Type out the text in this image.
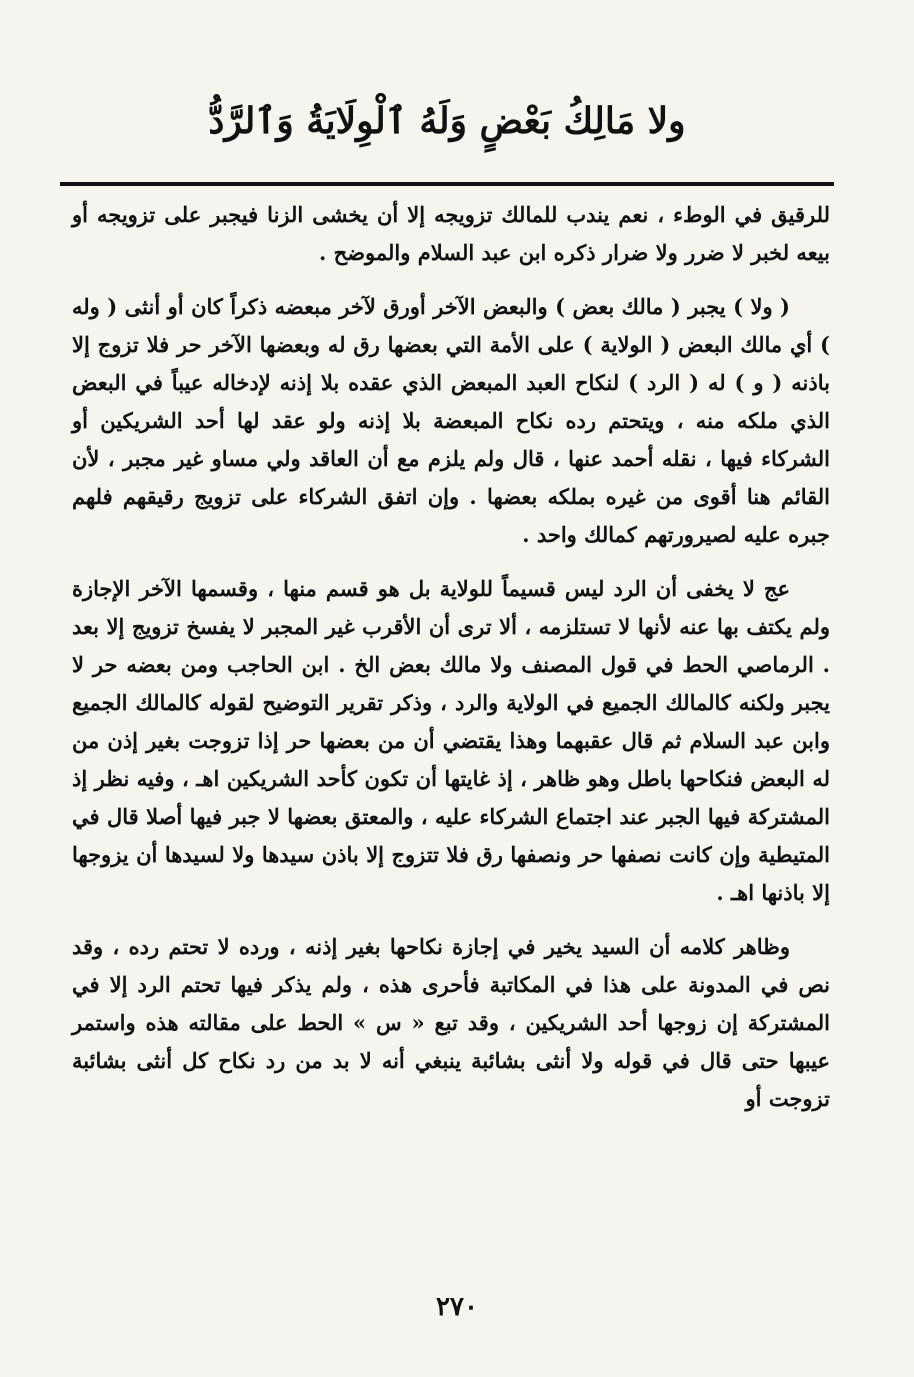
ولا مَالِكُ بَعْضٍ وَلَهُ ٱلْوِلَايَةُ وَٱلرَّدُّ

للرقيق في الوطء ، نعم يندب للمالك تزويجه إلا أن يخشى الزنا فيجبر على تزويجه أو بيعه لخبر لا ضرر ولا ضرار ذكره ابن عبد السلام والموضح .

( ولا ) يجبر ( مالك بعض ) والبعض الآخر أورق لآخر مبعضه ذكراً كان أو أنثى ( وله ) أي مالك البعض ( الولاية ) على الأمة التي بعضها رق له وبعضها الآخر حر فلا تزوج إلا باذنه ( و ) له ( الرد ) لنكاح العبد المبعض الذي عقده بلا إذنه لإدخاله عيباً في البعض الذي ملكه منه ، ويتحتم رده نكاح المبعضة بلا إذنه ولو عقد لها أحد الشريكين أو الشركاء فيها ، نقله أحمد عنها ، قال ولم يلزم مع أن العاقد ولي مساو غير مجبر ، لأن القائم هنا أقوى من غيره بملكه بعضها . وإن اتفق الشركاء على تزويج رقيقهم فلهم جبره عليه لصيرورتهم كمالك واحد .

عج لا يخفى أن الرد ليس قسيماً للولاية بل هو قسم منها ، وقسمها الآخر الإجازة ولم يكتف بها عنه لأنها لا تستلزمه ، ألا ترى أن الأقرب غير المجبر لا يفسخ تزويج إلا بعد . الرماصي الحط في قول المصنف ولا مالك بعض الخ . ابن الحاجب ومن بعضه حر لا يجبر ولكنه كالمالك الجميع في الولاية والرد ، وذكر تقرير التوضيح لقوله كالمالك الجميع وابن عبد السلام ثم قال عقبهما وهذا يقتضي أن من بعضها حر إذا تزوجت بغير إذن من له البعض فنكاحها باطل وهو ظاهر ، إذ غايتها أن تكون كأحد الشريكين اهـ ، وفيه نظر إذ المشتركة فيها الجبر عند اجتماع الشركاء عليه ، والمعتق بعضها لا جبر فيها أصلا قال في المتيطية وإن كانت نصفها حر ونصفها رق فلا تتزوج إلا باذن سيدها ولا لسيدها أن يزوجها إلا باذنها اهـ .

وظاهر كلامه أن السيد يخير في إجازة نكاحها بغير إذنه ، ورده لا تحتم رده ، وقد نص في المدونة على هذا في المكاتبة فأحرى هذه ، ولم يذكر فيها تحتم الرد إلا في المشتركة إن زوجها أحد الشريكين ، وقد تبع « س » الحط على مقالته هذه واستمر عيبها حتى قال في قوله ولا أنثى بشائبة ينبغي أنه لا بد من رد نكاح كل أنثى بشائبة تزوجت أو

٢٧٠
